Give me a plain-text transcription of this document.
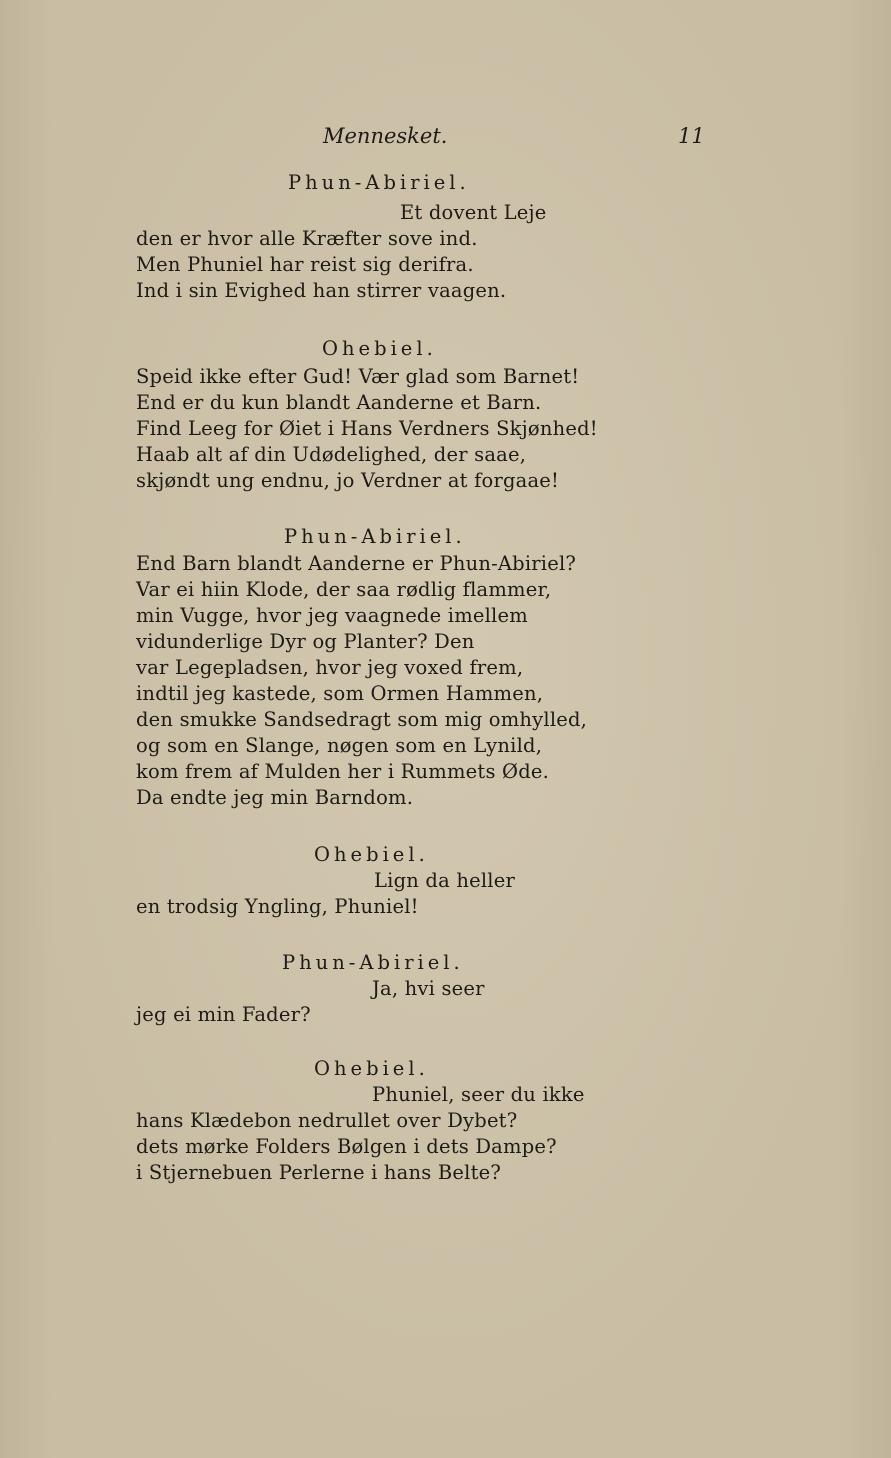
Mennesket.	11
Phun-Abiriel.
Et dovent Leje
den er hvor alle Kræfter sove ind.
Men Phuniel har reist sig derifra.
Ind i sin Evighed han stirrer vaagen.
Ohebiel.
Speid ikke efter Gud! Vær glad som Barnet!
End er du kun blandt Aanderne et Barn.
Find Leeg for Øiet i Hans Verdners Skjønhed!
Haab alt af din Udødelighed, der saae,
skjøndt ung endnu, jo Verdner at forgaae!
Phun-Abiriel.
End Barn blandt Aanderne er Phun-Abiriel?
Var ei hiin Klode, der saa rødlig flammer,
min Vugge, hvor jeg vaagnede imellem
vidunderlige Dyr og Planter? Den
var Legepladsen, hvor jeg voxed frem,
indtil jeg kastede, som Ormen Hammen,
den smukke Sandsedragt som mig omhylled,
og som en Slange, nøgen som en Lynild,
kom frem af Mulden her i Rummets Øde.
Da endte jeg min Barndom.
Ohebiel.
Lign da heller
en trodsig Yngling, Phuniel!
Phun-Abiriel.
Ja, hvi seer
jeg ei min Fader?
Ohebiel.
Phuniel, seer du ikke
hans Klædebon nedrullet over Dybet?
dets mørke Folders Bølgen i dets Dampe?
i Stjernebuen Perlerne i hans Belte?
